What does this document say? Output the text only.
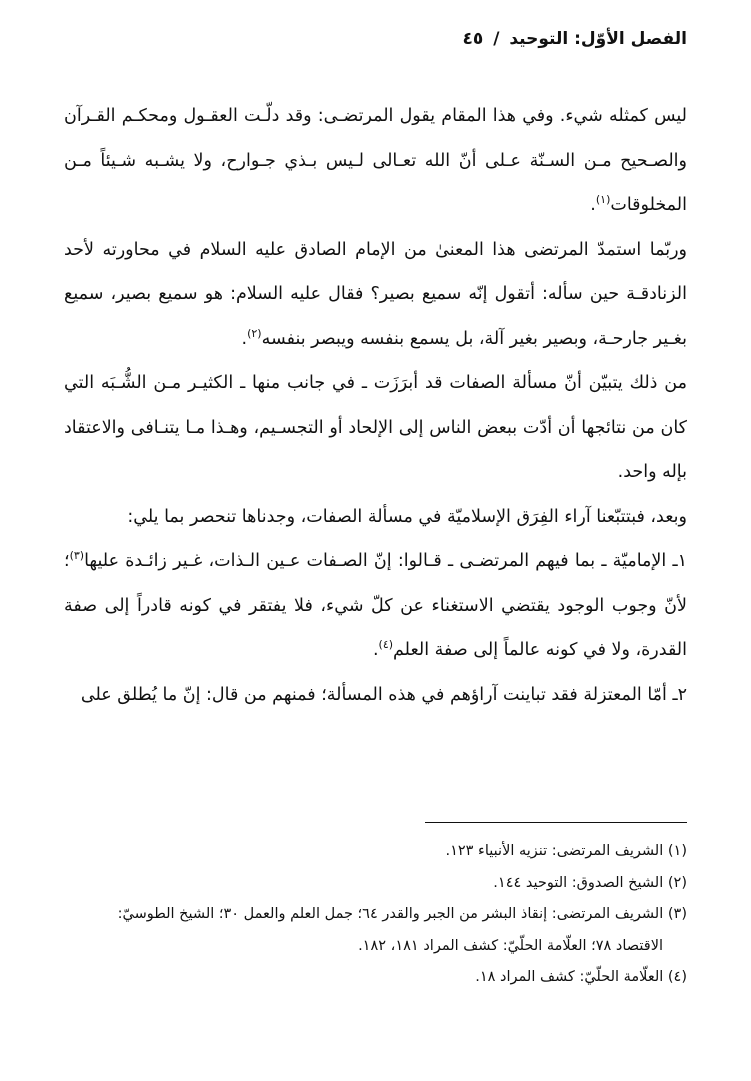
الفصل الأوّل: التوحيد / ٤٥

ليس كمثله شيء. وفي هذا المقام يقول المرتضـى: وقد دلّـت العقـول ومحكـم القـرآن والصـحيح مـن السـنّة عـلى أنّ الله تعـالى لـيس بـذي جـوارح، ولا يشـبه شـيئاً مـن المخلوقات$^{(١)}$.

وربّما استمدّ المرتضى هذا المعنىٰ من الإمام الصادق عليه السلام في محاورته لأحد الزنادقـة حين سأله: أتقول إنّه سميع بصير؟ فقال عليه السلام: هو سميع بصير، سميع بغـير جارحـة، وبصير بغير آلة، بل يسمع بنفسه ويبصر بنفسه$^{(٢)}$.

من ذلك يتبيّن أنّ مسألة الصفات قد أبرَزَت ـ في جانب منها ـ الكثيـر مـن الشُّـبَه التي كان من نتائجها أن أدّت ببعض الناس إلى الإلحاد أو التجسـيم، وهـذا مـا يتنـافى والاعتقاد بإله واحد.

وبعد، فبتتبّعنا آراء الفِرَق الإسلاميّة في مسألة الصفات، وجدناها تنحصر بما يلي:

١ـ الإماميّة ـ بما فيهم المرتضـى ـ قـالوا: إنّ الصـفات عـين الـذات، غـير زائـدة عليها$^{(٣)}$؛ لأنّ وجوب الوجود يقتضي الاستغناء عن كلّ شيء، فلا يفتقر في كونه قادراً إلى صفة القدرة، ولا في كونه عالماً إلى صفة العلم$^{(٤)}$.

٢ـ أمّا المعتزلة فقد تباينت آراؤهم في هذه المسألة؛ فمنهم من قال: إنّ ما يُطلق على

(١) الشريف المرتضى: تنزيه الأنبياء ١٢٣.

(٢) الشيخ الصدوق: التوحيد ١٤٤.

(٣) الشريف المرتضى: إنقاذ البشر من الجبر والقدر ٦٤؛ جمل العلم والعمل ٣٠؛ الشيخ الطوسيّ:

الاقتصاد ٧٨؛ العلّامة الحلّيّ: كشف المراد ١٨١، ١٨٢.

(٤) العلّامة الحلّيّ: كشف المراد ١٨.
